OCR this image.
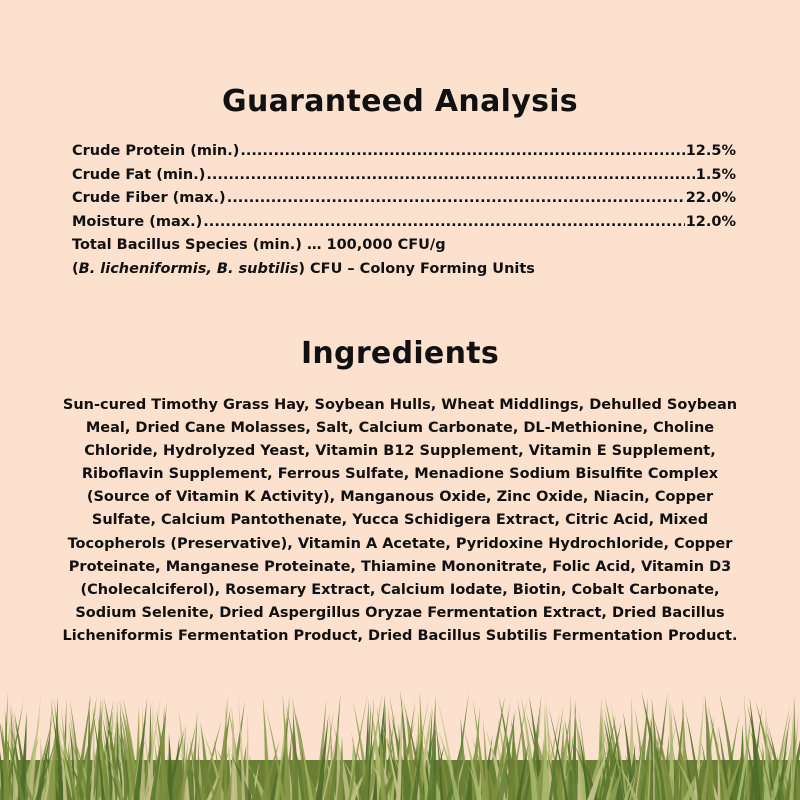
Guaranteed Analysis
Crude Protein (min.) .....	12.5%
Crude Fat (min.) .....	1.5%
Crude Fiber (max.) .....	22.0%
Moisture (max.) .....	12.0%
Total Bacillus Species (min.) … 100,000 CFU/g
(B. licheniformis, B. subtilis) CFU – Colony Forming Units
Ingredients

Sun-cured Timothy Grass Hay, Soybean Hulls, Wheat Middlings, Dehulled Soybean Meal, Dried Cane Molasses, Salt, Calcium Carbonate, DL-Methionine, Choline Chloride, Hydrolyzed Yeast, Vitamin B12 Supplement, Vitamin E Supplement, Riboflavin Supplement, Ferrous Sulfate, Menadione Sodium Bisulfite Complex (Source of Vitamin K Activity), Manganous Oxide, Zinc Oxide, Niacin, Copper Sulfate, Calcium Pantothenate, Yucca Schidigera Extract, Citric Acid, Mixed Tocopherols (Preservative), Vitamin A Acetate, Pyridoxine Hydrochloride, Copper Proteinate, Manganese Proteinate, Thiamine Mononitrate, Folic Acid, Vitamin D3 (Cholecalciferol), Rosemary Extract, Calcium Iodate, Biotin, Cobalt Carbonate, Sodium Selenite, Dried Aspergillus Oryzae Fermentation Extract, Dried Bacillus Licheniformis Fermentation Product, Dried Bacillus Subtilis Fermentation Product.
